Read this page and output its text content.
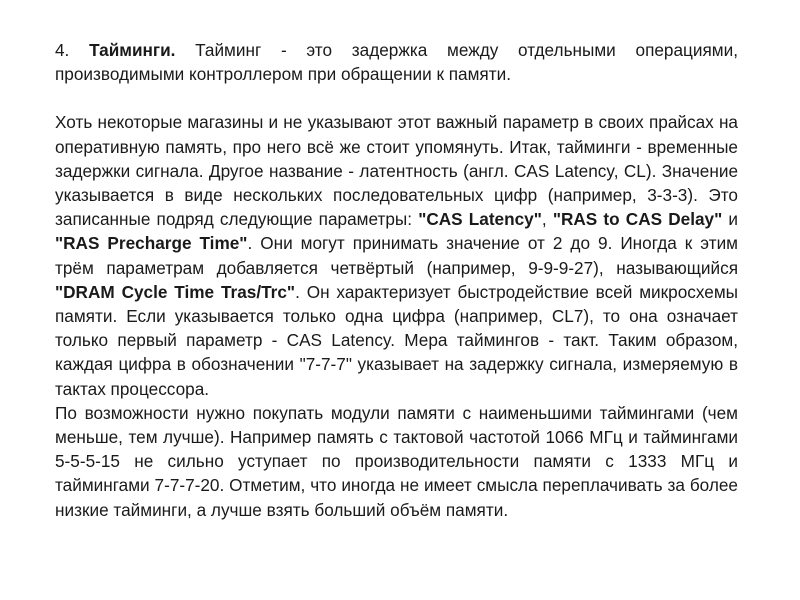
4. Тайминги. Тайминг - это задержка между отдельными операциями, производимыми контроллером при обращении к памяти.

Хоть некоторые магазины и не указывают этот важный параметр в своих прайсах на оперативную память, про него всё же стоит упомянуть. Итак, тайминги - временные задержки сигнала. Другое название - латентность (англ. CAS Latency, CL). Значение указывается в виде нескольких последовательных цифр (например, 3-3-3). Это записанные подряд следующие параметры: "CAS Latency", "RAS to CAS Delay" и "RAS Precharge Time". Они могут принимать значение от 2 до 9. Иногда к этим трём параметрам добавляется четвёртый (например, 9-9-9-27), называющийся "DRAM Cycle Time Tras/Trc". Он характеризует быстродействие всей микросхемы памяти. Если указывается только одна цифра (например, CL7), то она означает только первый параметр - CAS Latency. Мера таймингов - такт. Таким образом, каждая цифра в обозначении "7-7-7" указывает на задержку сигнала, измеряемую в тактах процессора.

По возможности нужно покупать модули памяти с наименьшими таймингами (чем меньше, тем лучше). Например память с тактовой частотой 1066 МГц и таймингами 5-5-5-15 не сильно уступает по производительности памяти с 1333 МГц и таймингами 7-7-7-20. Отметим, что иногда не имеет смысла переплачивать за более низкие тайминги, а лучше взять больший объём памяти.
